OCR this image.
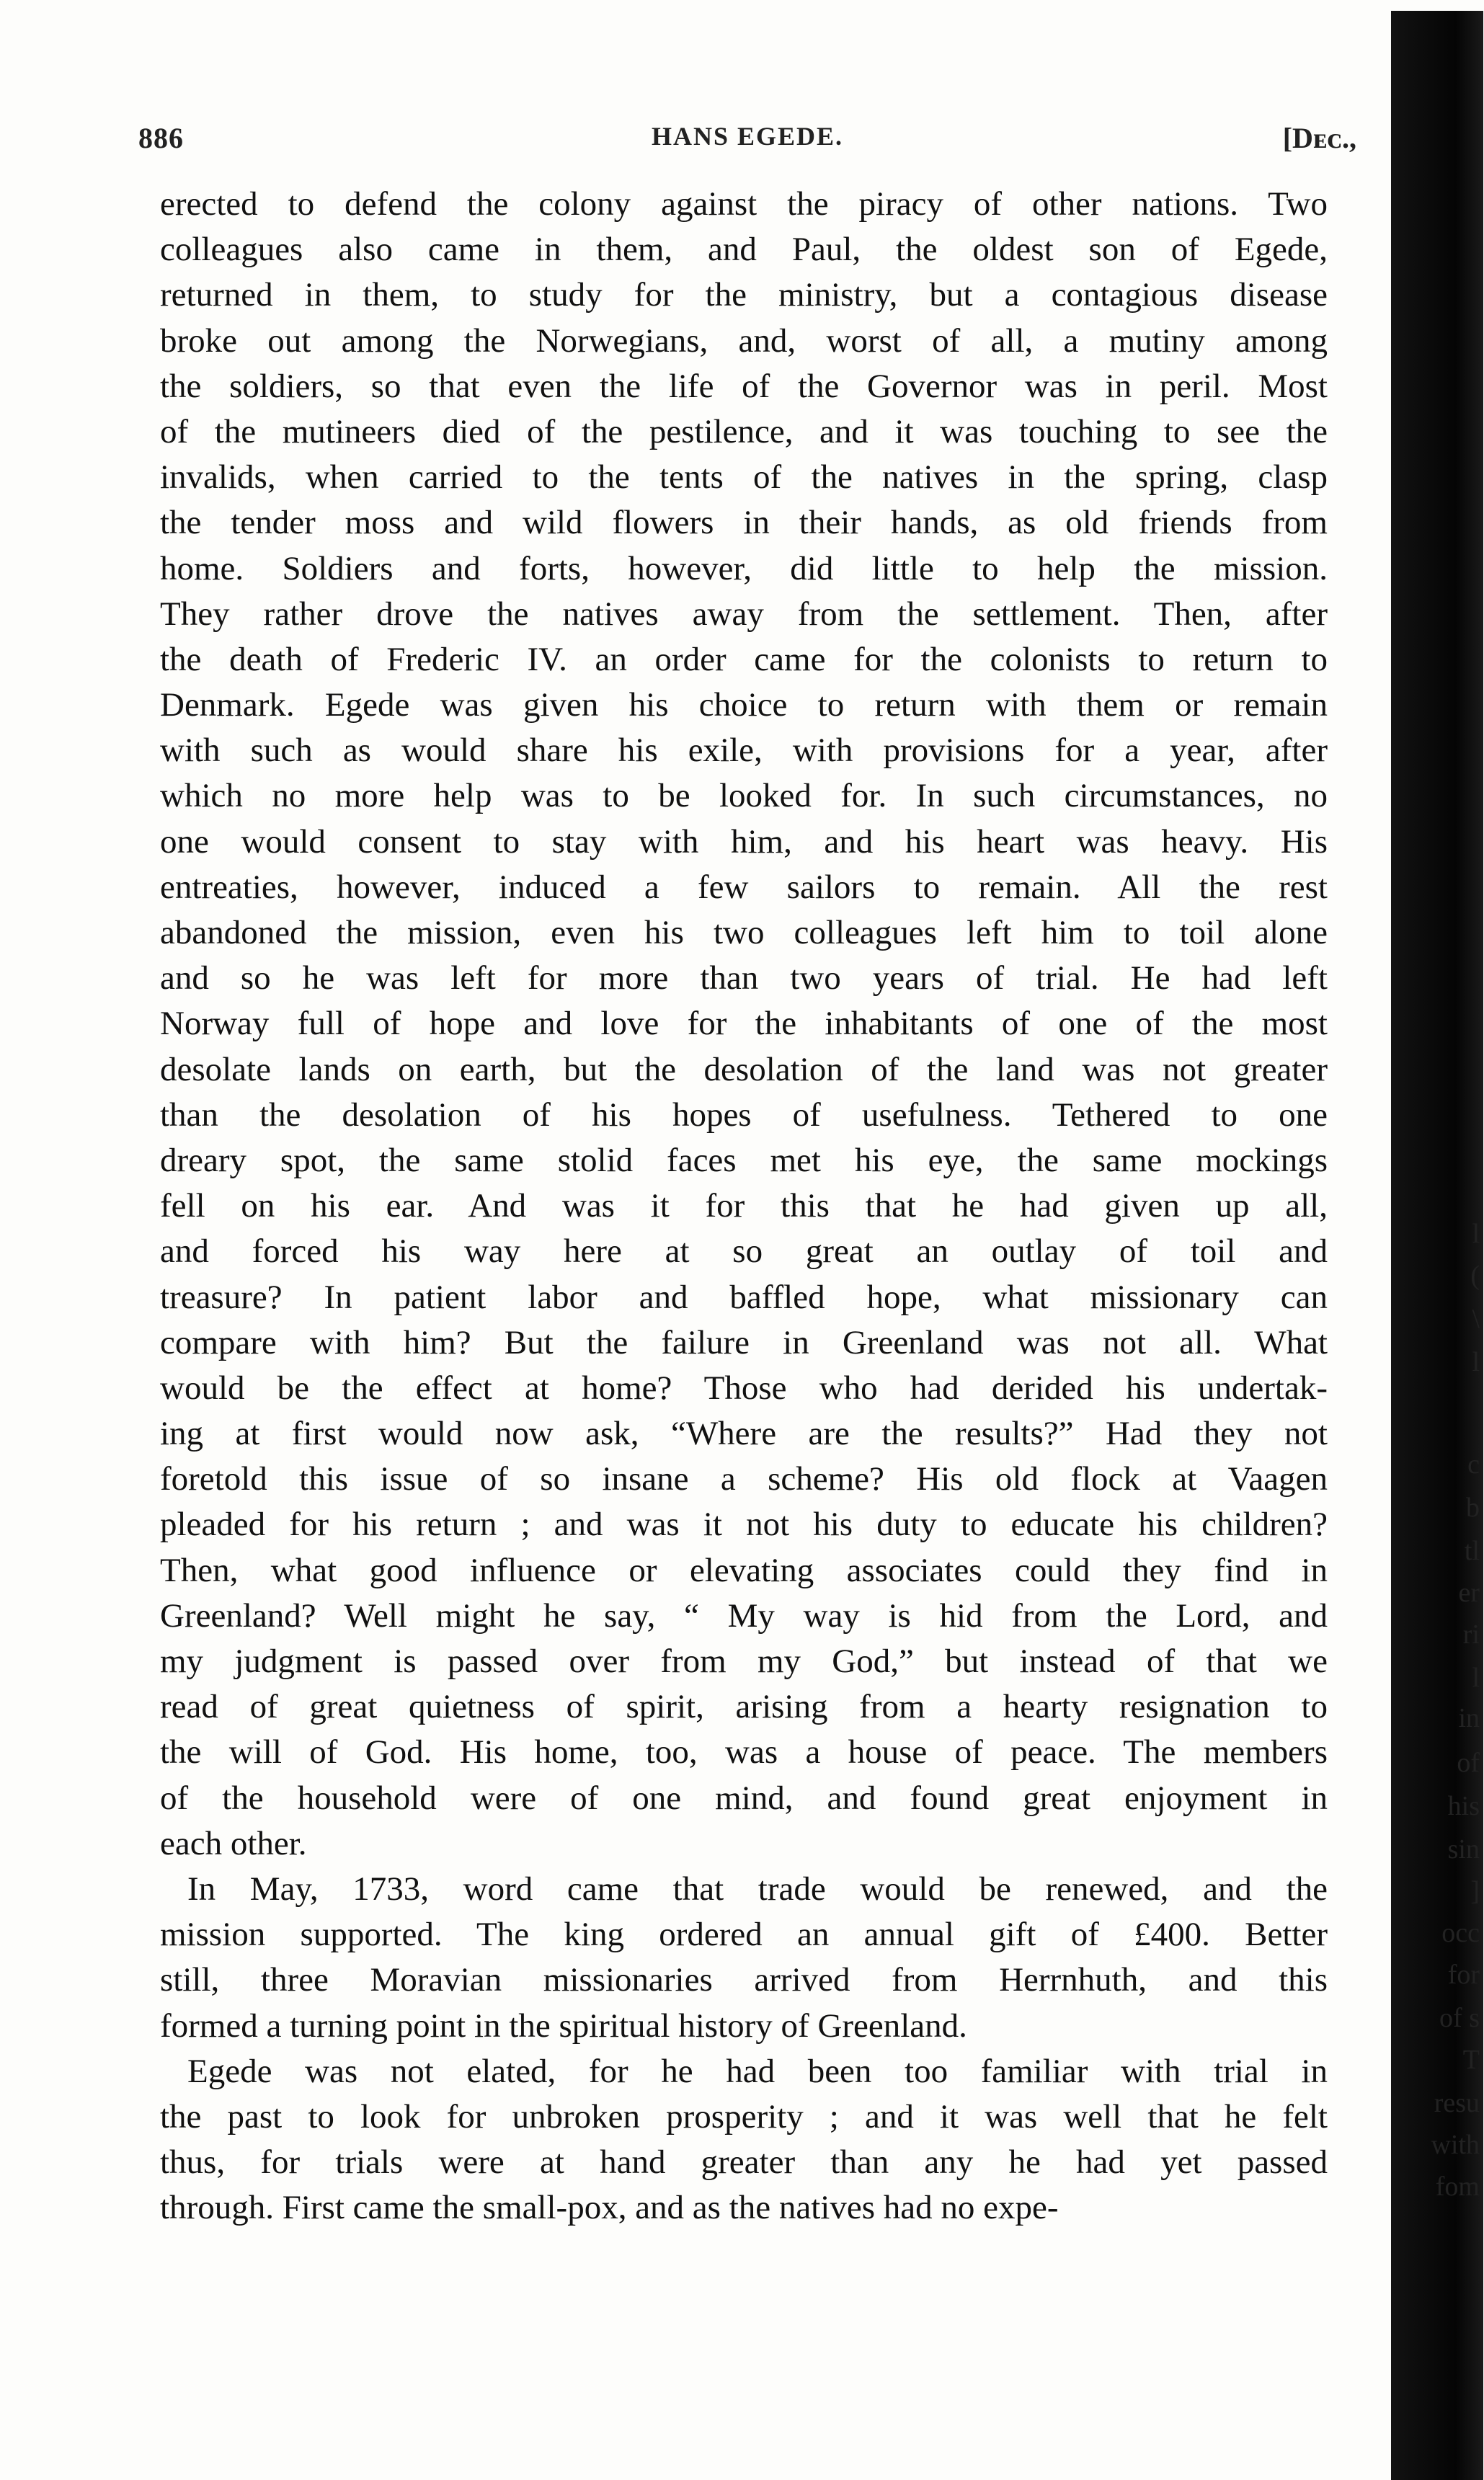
886	HANS EGEDE.	[Dᴇᴄ.,
erected to defend the colony against the piracy of other nations. Two
colleagues also came in them, and Paul, the oldest son of Egede,
returned in them, to study for the ministry, but a contagious disease
broke out among the Norwegians, and, worst of all, a mutiny among
the soldiers, so that even the life of the Governor was in peril. Most
of the mutineers died of the pestilence, and it was touching to see the
invalids, when carried to the tents of the natives in the spring, clasp
the tender moss and wild flowers in their hands, as old friends from
home. Soldiers and forts, however, did little to help the mission.
They rather drove the natives away from the settlement. Then, after
the death of Frederic IV. an order came for the colonists to return to
Denmark. Egede was given his choice to return with them or remain
with such as would share his exile, with provisions for a year, after
which no more help was to be looked for. In such circumstances, no
one would consent to stay with him, and his heart was heavy. His
entreaties, however, induced a few sailors to remain. All the rest
abandoned the mission, even his two colleagues left him to toil alone
and so he was left for more than two years of trial. He had left
Norway full of hope and love for the inhabitants of one of the most
desolate lands on earth, but the desolation of the land was not greater
than the desolation of his hopes of usefulness. Tethered to one
dreary spot, the same stolid faces met his eye, the same mockings
fell on his ear. And was it for this that he had given up all,
and forced his way here at so great an outlay of toil and
treasure? In patient labor and baffled hope, what missionary can
compare with him? But the failure in Greenland was not all. What
would be the effect at home? Those who had derided his undertak-
ing at first would now ask, “Where are the results?” Had they not
foretold this issue of so insane a scheme? His old flock at Vaagen
pleaded for his return ; and was it not his duty to educate his children?
Then, what good influence or elevating associates could they find in
Greenland? Well might he say, “ My way is hid from the Lord, and
my judgment is passed over from my God,” but instead of that we
read of great quietness of spirit, arising from a hearty resignation to
the will of God. His home, too, was a house of peace. The members
of the household were of one mind, and found great enjoyment in
each other.
In May, 1733, word came that trade would be renewed, and the
mission supported. The king ordered an annual gift of £400. Better
still, three Moravian missionaries arrived from Herrnhuth, and this
formed a turning point in the spiritual history of Greenland.
Egede was not elated, for he had been too familiar with trial in
the past to look for unbroken prosperity ; and it was well that he felt
thus, for trials were at hand greater than any he had yet passed
through. First came the small-pox, and as the natives had no expe-
l
(
\
l
c
b
tl
er
ri
l
in
of
his
sin
]
occ
for
of s
T
resu
with
fom
